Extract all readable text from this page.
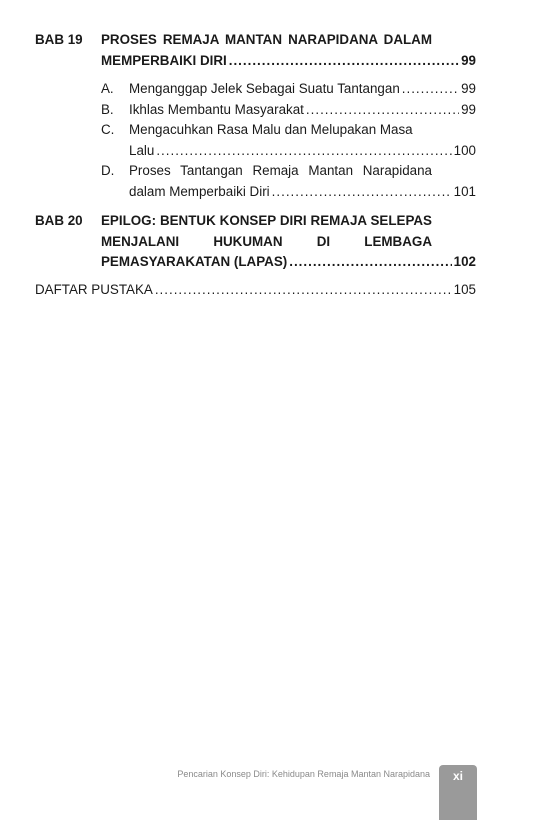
BAB 19 PROSES REMAJA MANTAN NARAPIDANA DALAM
MEMPERBAIKI DIRI .....	99
A. Menganggap Jelek Sebagai Suatu Tantangan .....	99
B. Ikhlas Membantu Masyarakat .....	99
C. Mengacuhkan Rasa Malu dan Melupakan Masa
Lalu .....	100
D. Proses Tantangan Remaja Mantan Narapidana
dalam Memperbaiki Diri .....	101
BAB 20 EPILOG: BENTUK KONSEP DIRI REMAJA SELEPAS
MENJALANI HUKUMAN DI LEMBAGA
PEMASYARAKATAN (LAPAS) .....	102
DAFTAR PUSTAKA .....	105
Pencarian Konsep Diri: Kehidupan Remaja Mantan Narapidana	xi
